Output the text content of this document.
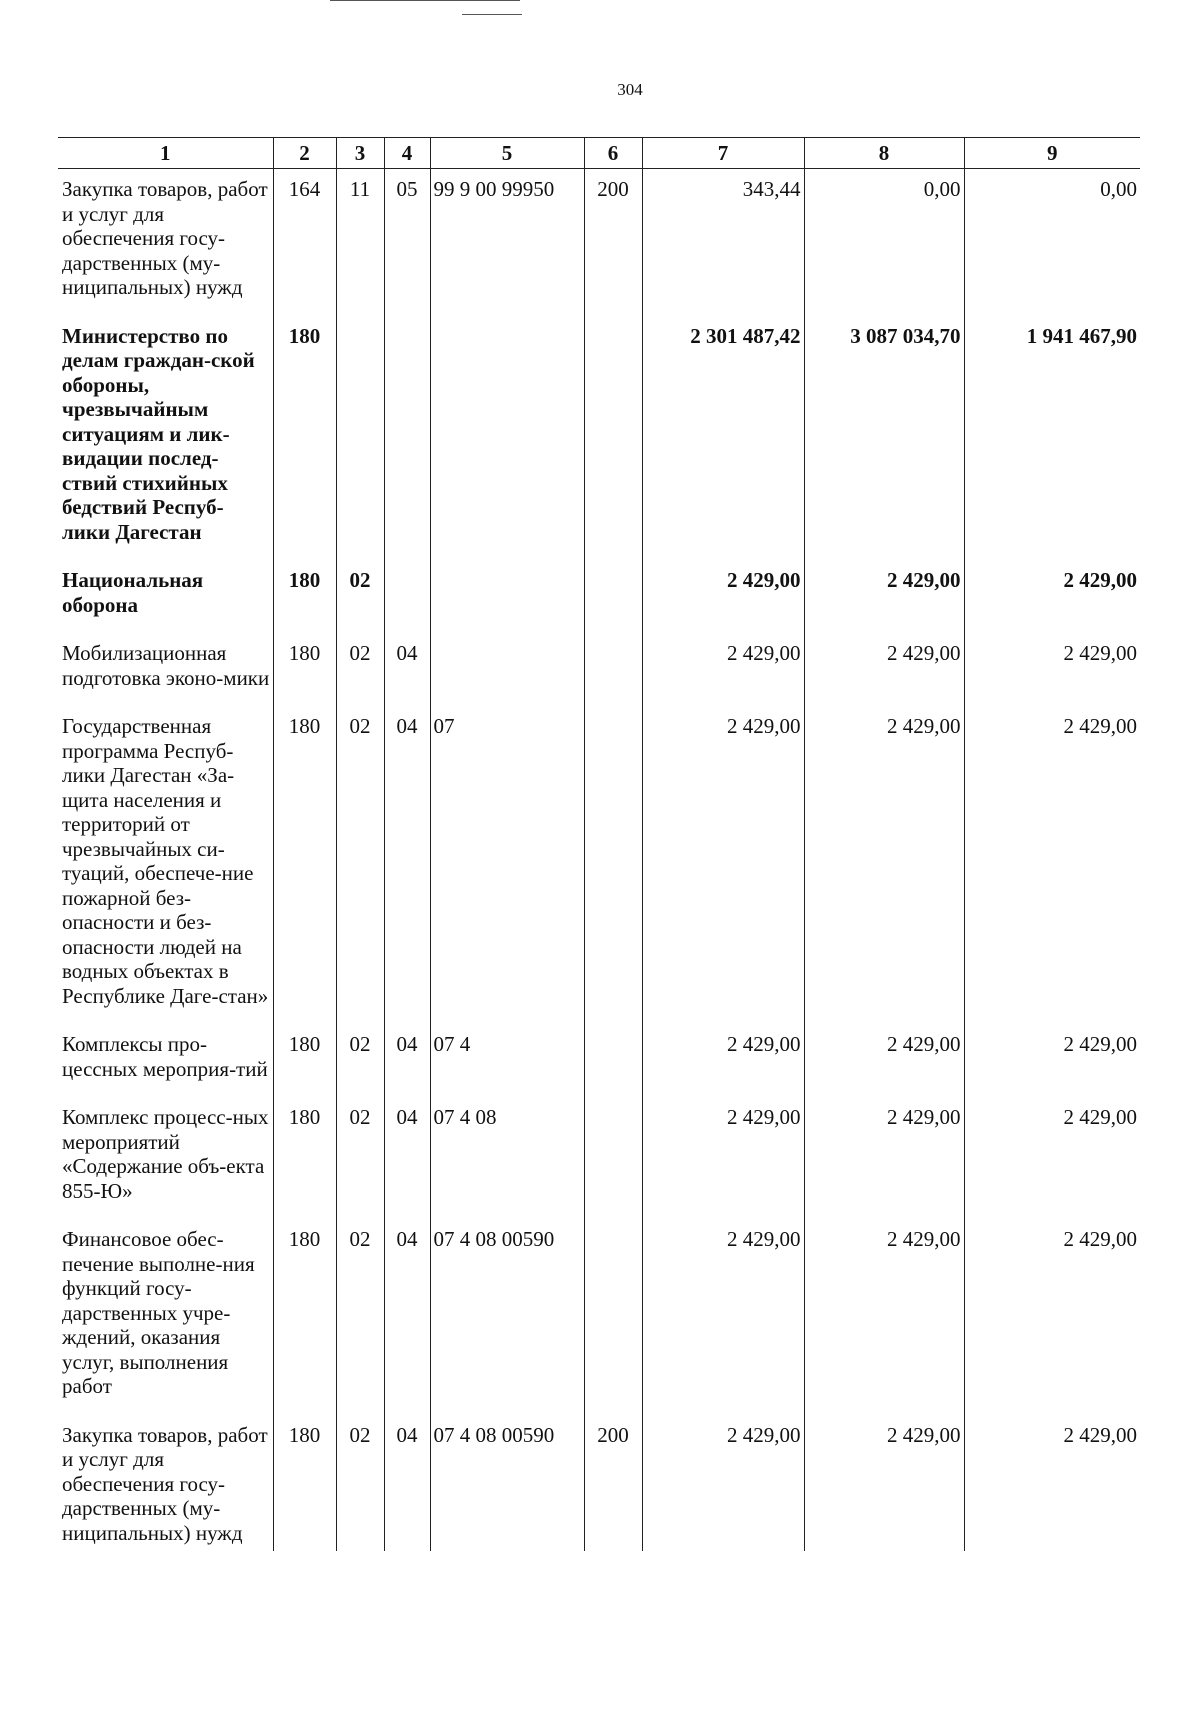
304
1	2	3	4	5	6	7	8	9
Закупка товаров, работ и услуг для обеспечения госу-дарственных (му-ниципальных) нужд	164	11	05	99 9 00 99950	200	343,44	0,00	0,00
Министерство по делам граждан-ской обороны, чрезвычайным ситуациям и лик-видации послед-ствий стихийных бедствий Респуб-лики Дагестан	180					2 301 487,42	3 087 034,70	1 941 467,90
Национальная оборона	180	02				2 429,00	2 429,00	2 429,00
Мобилизационная подготовка эконо-мики	180	02	04			2 429,00	2 429,00	2 429,00
Государственная программа Респуб-лики Дагестан «За-щита населения и территорий от чрезвычайных си-туаций, обеспече-ние пожарной без-опасности и без-опасности людей на водных объектах в Республике Даге-стан»	180	02	04	07		2 429,00	2 429,00	2 429,00
Комплексы про-цессных мероприя-тий	180	02	04	07 4		2 429,00	2 429,00	2 429,00
Комплекс процесс-ных мероприятий «Содержание объ-екта 855-Ю»	180	02	04	07 4 08		2 429,00	2 429,00	2 429,00
Финансовое обес-печение выполне-ния функций госу-дарственных учре-ждений, оказания услуг, выполнения работ	180	02	04	07 4 08 00590		2 429,00	2 429,00	2 429,00
Закупка товаров, работ и услуг для обеспечения госу-дарственных (му-ниципальных) нужд	180	02	04	07 4 08 00590	200	2 429,00	2 429,00	2 429,00
